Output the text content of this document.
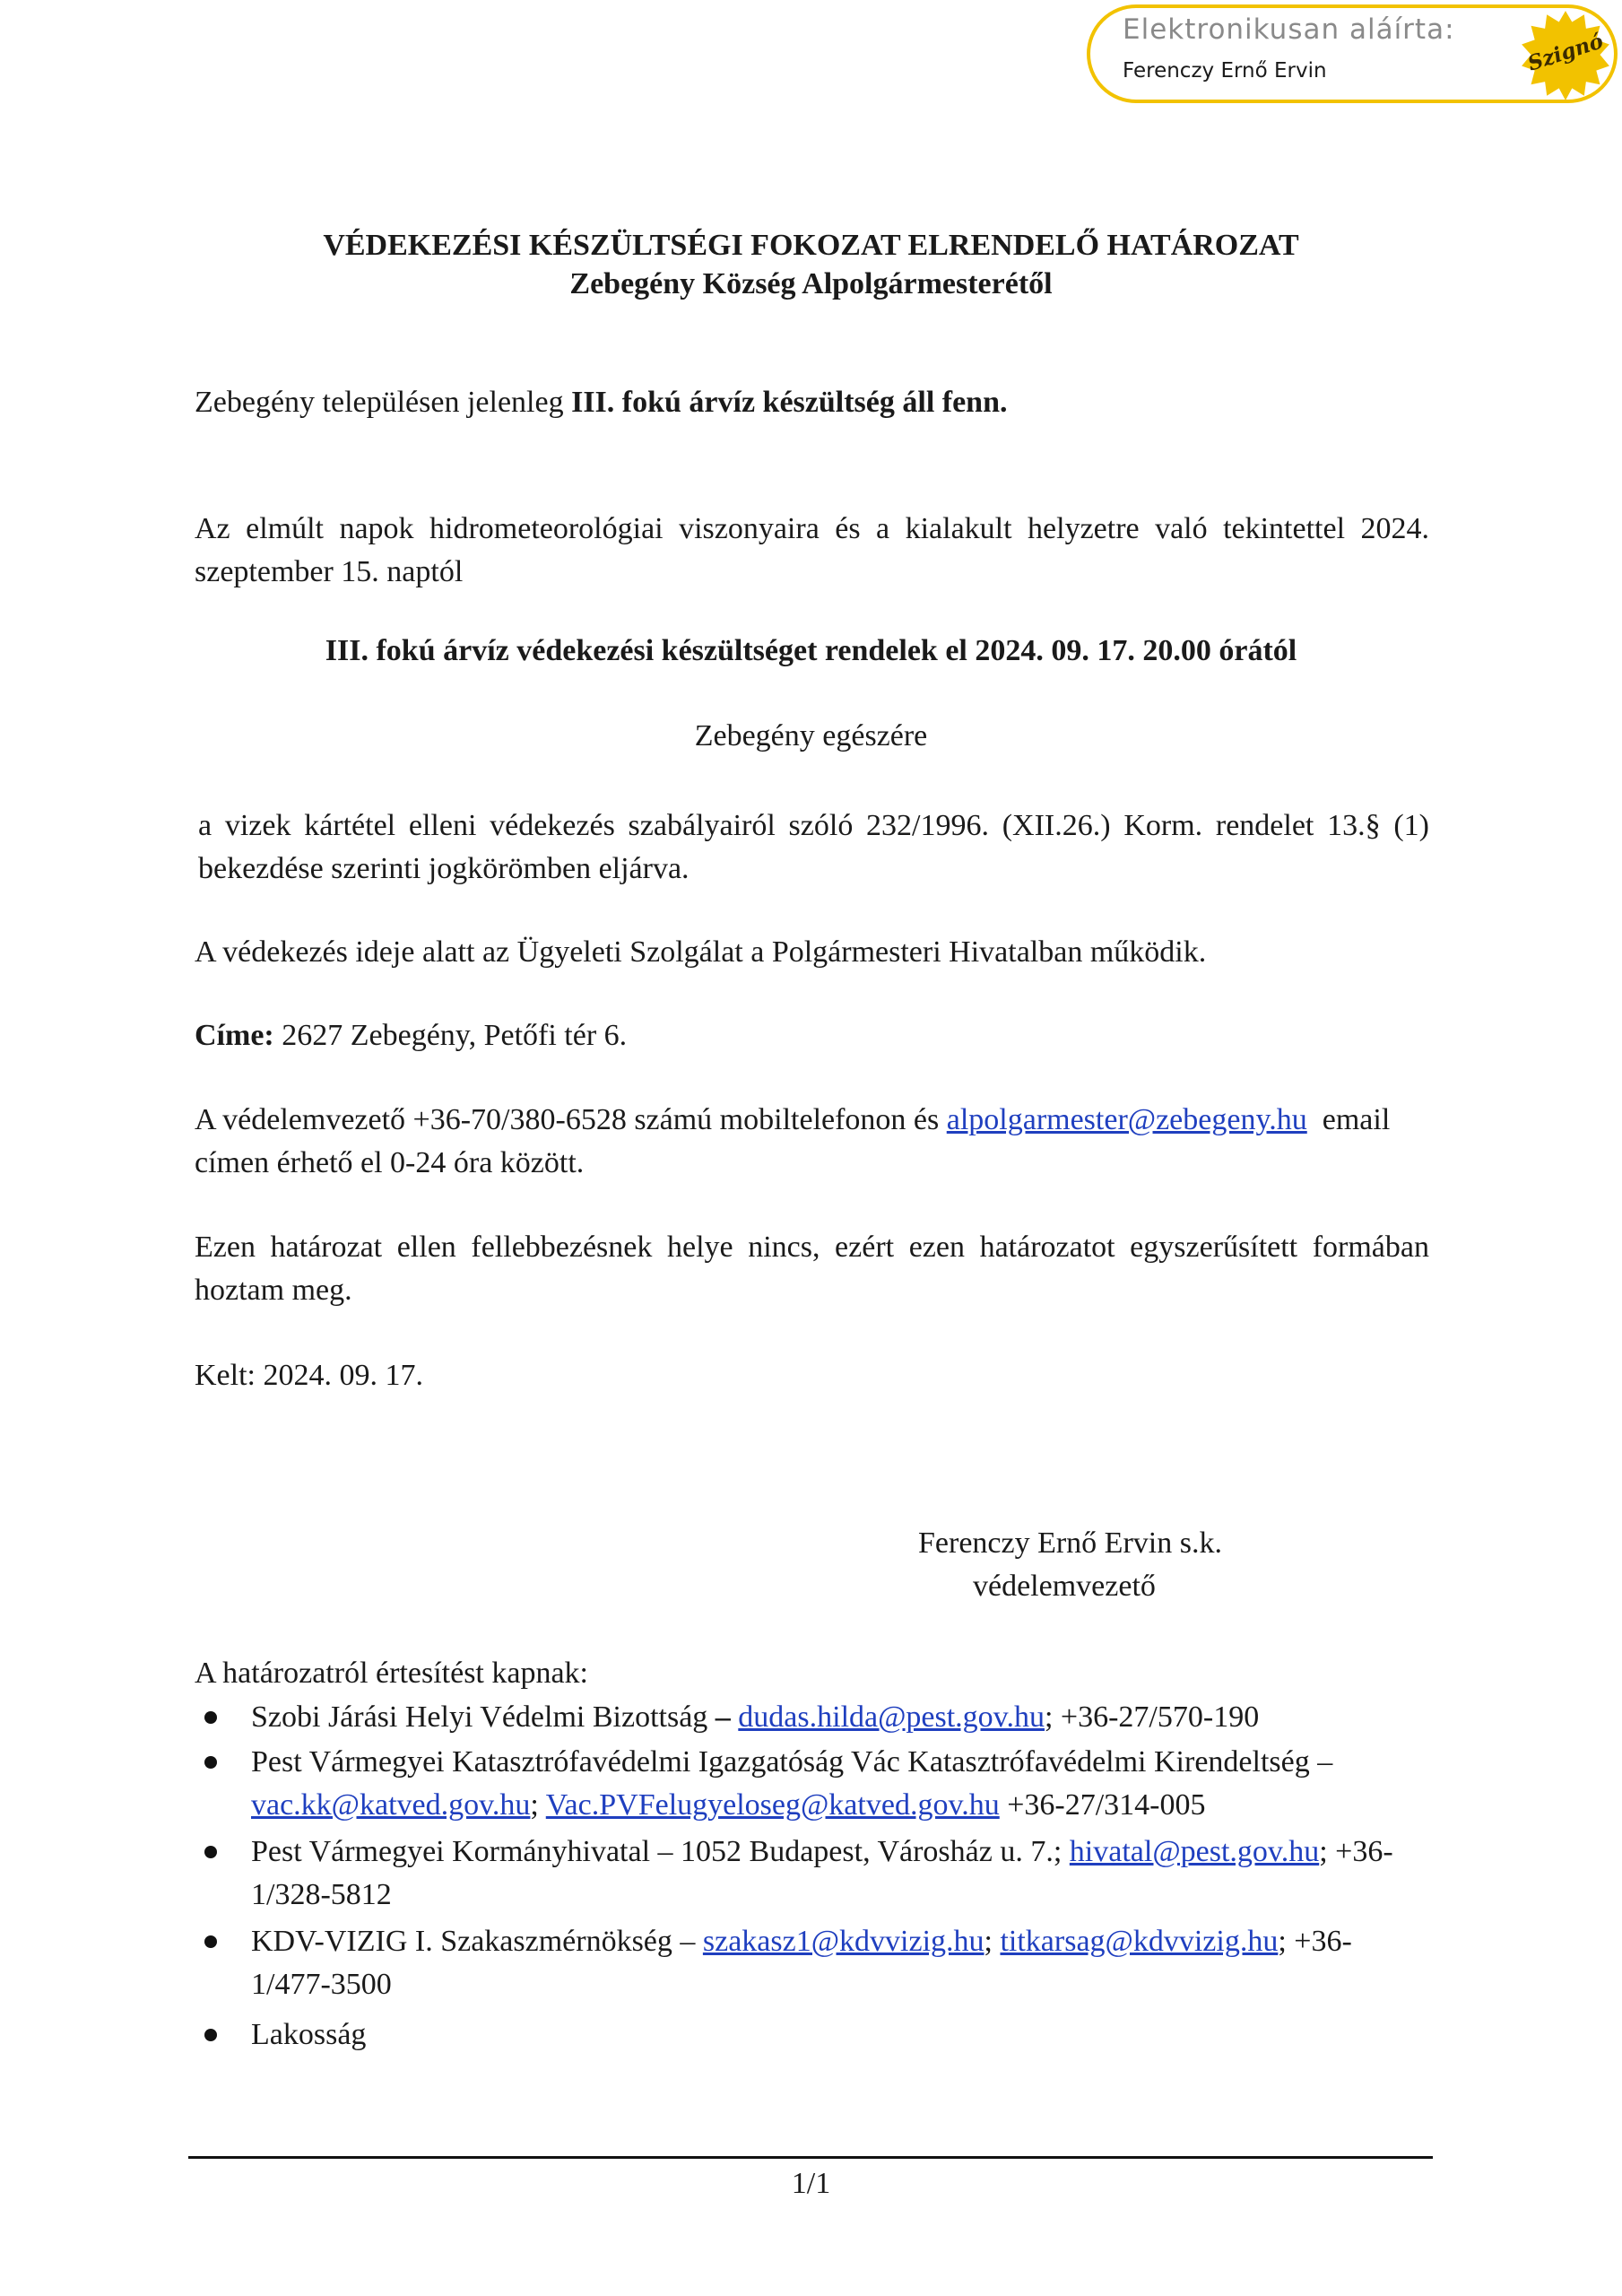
Elektronikusan aláírta:
Ferenczy Ernő Ervin	Szignó
VÉDEKEZÉSI KÉSZÜLTSÉGI FOKOZAT ELRENDELŐ HATÁROZAT
Zebegény Község Alpolgármesterétől
Zebegény településen jelenleg III. fokú árvíz készültség áll fenn.
Az elmúlt napok hidrometeorológiai viszonyaira és a kialakult helyzetre való tekintettel 2024.
szeptember 15. naptól
III. fokú árvíz védekezési készültséget rendelek el 2024. 09. 17. 20.00 órától
Zebegény egészére
a vizek kártétel elleni védekezés szabályairól szóló 232/1996. (XII.26.) Korm. rendelet 13.§ (1)
bekezdése szerinti jogkörömben eljárva.
A védekezés ideje alatt az Ügyeleti Szolgálat a Polgármesteri Hivatalban működik.
Címe: 2627 Zebegény, Petőfi tér 6.
A védelemvezető +36-70/380-6528 számú mobiltelefonon és alpolgarmester@zebegeny.hu  email
címen érhető el 0-24 óra között.
Ezen határozat ellen fellebbezésnek helye nincs, ezért ezen határozatot egyszerűsített formában
hoztam meg.
Kelt: 2024. 09. 17.
Ferenczy Ernő Ervin s.k.
védelemvezető
A határozatról értesítést kapnak:
Szobi Járási Helyi Védelmi Bizottság – dudas.hilda@pest.gov.hu; +36-27/570-190
Pest Vármegyei Katasztrófavédelmi Igazgatóság Vác Katasztrófavédelmi Kirendeltség –
vac.kk@katved.gov.hu; Vac.PVFelugyeloseg@katved.gov.hu +36-27/314-005
Pest Vármegyei Kormányhivatal – 1052 Budapest, Városház u. 7.; hivatal@pest.gov.hu; +36-
1/328-5812
KDV-VIZIG I. Szakaszmérnökség – szakasz1@kdvvizig.hu; titkarsag@kdvvizig.hu; +36-
1/477-3500
Lakosság
1/1
